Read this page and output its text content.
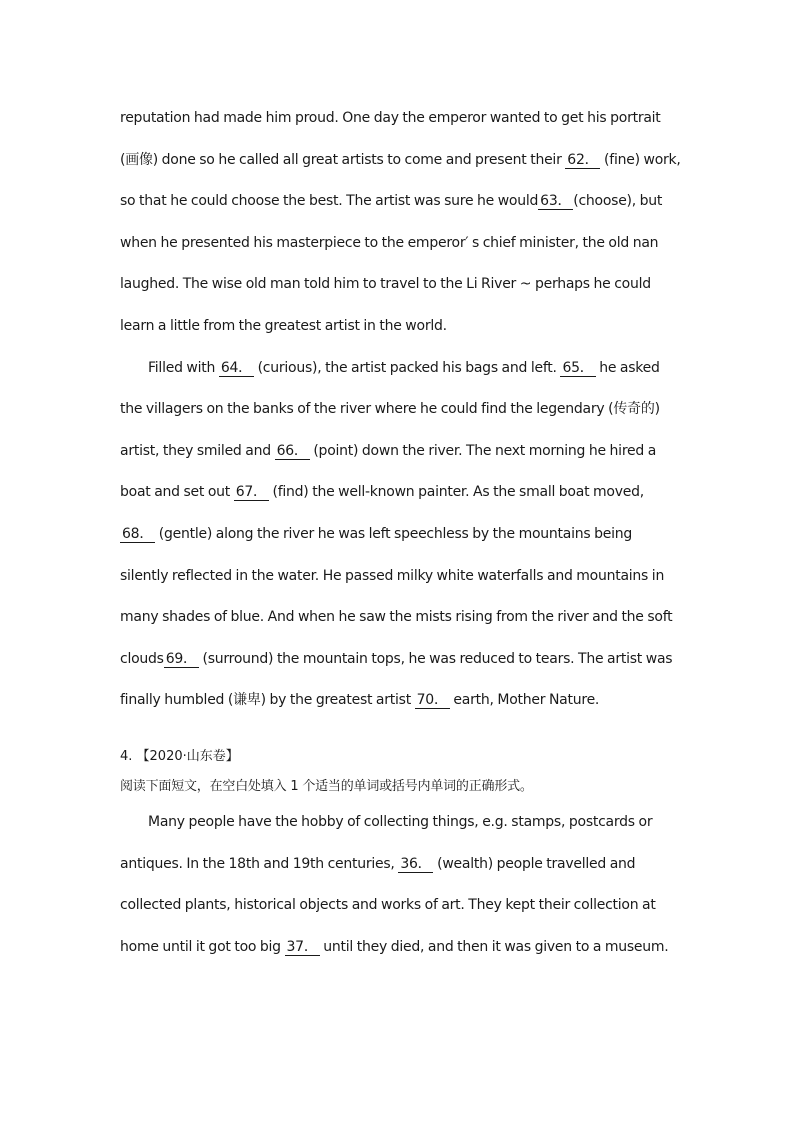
reputation had made him proud. One day the emperor wanted to get his portrait
(画像) done so he called all great artists to come and present their 62． (fine) work,
so that he could choose the best. The artist was sure he would 63． (choose), but
when he presented his masterpiece to the emperor′ s chief minister, the old nan
laughed. The wise old man told him to travel to the Li River ~ perhaps he could
learn a little from the greatest artist in the world.
Filled with 64． (curious), the artist packed his bags and left. 65． he asked
the villagers on the banks of the river where he could find the legendary (传奇的)
artist, they smiled and 66． (point) down the river. The next morning he hired a
boat and set out 67． (find) the well-known painter. As the small boat moved,
68． (gentle) along the river he was left speechless by the mountains being
silently reflected in the water. He passed milky white waterfalls and mountains in
many shades of blue. And when he saw the mists rising from the river and the soft
clouds 69． (surround) the mountain tops, he was reduced to tears. The artist was
finally humbled (谦卑) by the greatest artist 70． earth, Mother Nature.
4. 【2020·山东卷】
阅读下面短文，在空白处填入 1 个适当的单词或括号内单词的正确形式。
Many people have the hobby of collecting things, e.g. stamps, postcards or
antiques. In the 18th and 19th centuries, 36． (wealth) people travelled and
collected plants, historical objects and works of art. They kept their collection at
home until it got too big 37． until they died, and then it was given to a museum.
